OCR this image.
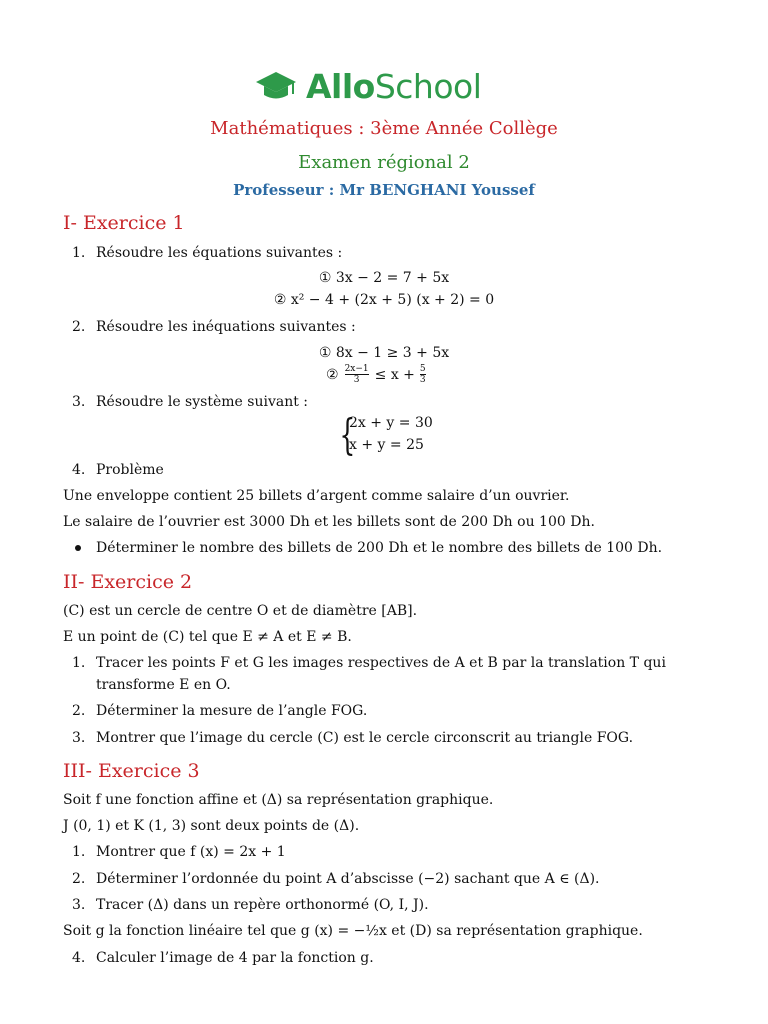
Allo School
Mathématiques : 3ème Année Collège
Examen régional 2
Professeur : Mr BENGHANI Youssef
I- Exercice 1
1. Résoudre les équations suivantes :
① 3x − 2 = 7 + 5x
② x² − 4 + (2x + 5) (x + 2) = 0
2. Résoudre les inéquations suivantes :
① 8x − 1 ≥ 3 + 5x
② 2x−1
3 ≤ x + 5
3
3. Résoudre le système suivant :
{
2x + y = 30
x + y = 25
4. Problème
Une enveloppe contient 25 billets d’argent comme salaire d’un ouvrier.
Le salaire de l’ouvrier est 3000 Dh et les billets sont de 200 Dh ou 100 Dh.
Déterminer le nombre des billets de 200 Dh et le nombre des billets de 100 Dh.
II- Exercice 2
(C) est un cercle de centre O et de diamètre [AB].
E un point de (C) tel que E ≠ A et E ≠ B.
1. Tracer les points F et G les images respectives de A et B par la translation T qui
transforme E en O.
2. Déterminer la mesure de l’angle FOG.
3. Montrer que l’image du cercle (C) est le cercle circonscrit au triangle FOG.
III- Exercice 3
Soit f une fonction affine et (Δ) sa représentation graphique.
J (0, 1) et K (1, 3) sont deux points de (Δ).
1. Montrer que f (x) = 2x + 1
2. Déterminer l’ordonnée du point A d’abscisse (−2) sachant que A ∈ (Δ).
3. Tracer (Δ) dans un repère orthonormé (O, I, J).
Soit g la fonction linéaire tel que g (x) = −½x et (D) sa représentation graphique.
4. Calculer l’image de 4 par la fonction g.
